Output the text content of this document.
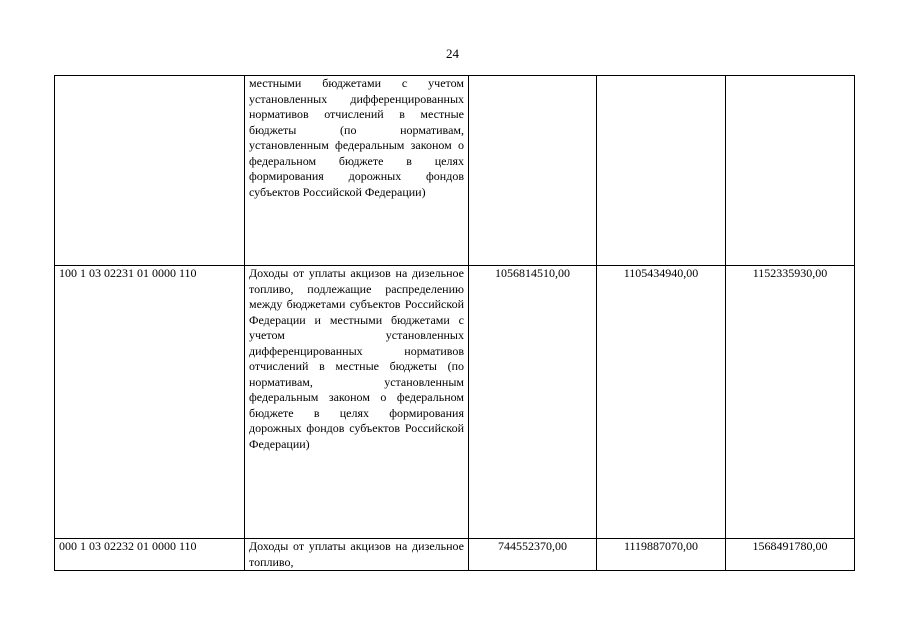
24
	местными бюджетами с учетом установленных дифференцированных нормативов отчислений в местные бюджеты (по нормативам, установленным федеральным законом о федеральном бюджете в целях формирования дорожных фондов субъектов Российской Федерации)			
100 1 03 02231 01 0000 110	Доходы от уплаты акцизов на дизельное топливо, подлежащие распределению между бюджетами субъектов Российской Федерации и местными бюджетами с учетом установленных дифференцированных нормативов отчислений в местные бюджеты (по нормативам, установленным федеральным законом о федеральном бюджете в целях формирования дорожных фондов субъектов Российской Федерации)	1056814510,00	1105434940,00	1152335930,00
000 1 03 02232 01 0000 110	Доходы от уплаты акцизов на дизельное топливо,	744552370,00	1119887070,00	1568491780,00
